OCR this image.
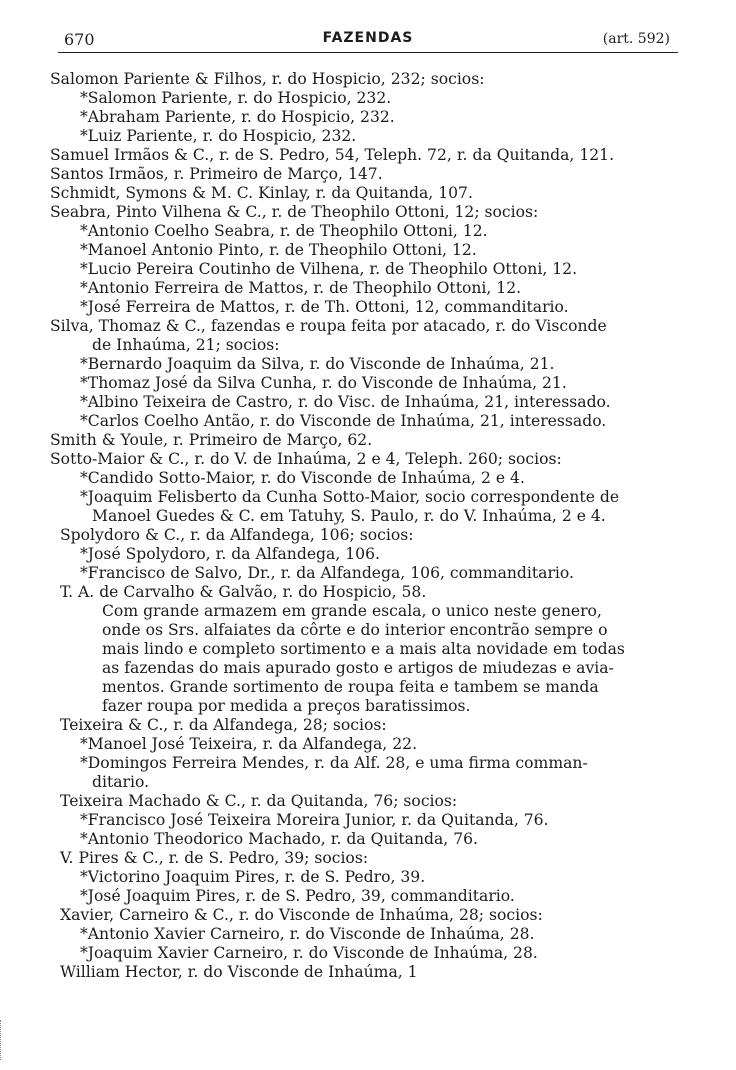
670	FAZENDAS	(art. 592)
Salomon Pariente & Filhos, r. do Hospicio, 232; socios:
*Salomon Pariente, r. do Hospicio, 232.
*Abraham Pariente, r. do Hospicio, 232.
*Luiz Pariente, r. do Hospicio, 232.
Samuel Irmãos & C., r. de S. Pedro, 54, Teleph. 72, r. da Quitanda, 121.
Santos Irmãos, r. Primeiro de Março, 147.
Schmidt, Symons & M. C. Kinlay, r. da Quitanda, 107.
Seabra, Pinto Vilhena & C., r. de Theophilo Ottoni, 12; socios:
*Antonio Coelho Seabra, r. de Theophilo Ottoni, 12.
*Manoel Antonio Pinto, r. de Theophilo Ottoni, 12.
*Lucio Pereira Coutinho de Vilhena, r. de Theophilo Ottoni, 12.
*Antonio Ferreira de Mattos, r. de Theophilo Ottoni, 12.
*José Ferreira de Mattos, r. de Th. Ottoni, 12, commanditario.
Silva, Thomaz & C., fazendas e roupa feita por atacado, r. do Visconde
de Inhaúma, 21; socios:
*Bernardo Joaquim da Silva, r. do Visconde de Inhaúma, 21.
*Thomaz José da Silva Cunha, r. do Visconde de Inhaúma, 21.
*Albino Teixeira de Castro, r. do Visc. de Inhaúma, 21, interessado.
*Carlos Coelho Antão, r. do Visconde de Inhaúma, 21, interessado.
Smith & Youle, r. Primeiro de Março, 62.
Sotto-Maior & C., r. do V. de Inhaúma, 2 e 4, Teleph. 260; socios:
*Candido Sotto-Maior, r. do Visconde de Inhaúma, 2 e 4.
*Joaquim Felisberto da Cunha Sotto-Maior, socio correspondente de
Manoel Guedes & C. em Tatuhy, S. Paulo, r. do V. Inhaúma, 2 e 4.
Spolydoro & C., r. da Alfandega, 106; socios:
*José Spolydoro, r. da Alfandega, 106.
*Francisco de Salvo, Dr., r. da Alfandega, 106, commanditario.
T. A. de Carvalho & Galvão, r. do Hospicio, 58.
Com grande armazem em grande escala, o unico neste genero,
onde os Srs. alfaiates da côrte e do interior encontrão sempre o
mais lindo e completo sortimento e a mais alta novidade em todas
as fazendas do mais apurado gosto e artigos de miudezas e avia-
mentos. Grande sortimento de roupa feita e tambem se manda
fazer roupa por medida a preços baratissimos.
Teixeira & C., r. da Alfandega, 28; socios:
*Manoel José Teixeira, r. da Alfandega, 22.
*Domingos Ferreira Mendes, r. da Alf. 28, e uma firma comman-
ditario.
Teixeira Machado & C., r. da Quitanda, 76; socios:
*Francisco José Teixeira Moreira Junior, r. da Quitanda, 76.
*Antonio Theodorico Machado, r. da Quitanda, 76.
V. Pires & C., r. de S. Pedro, 39; socios:
*Victorino Joaquim Pires, r. de S. Pedro, 39.
*José Joaquim Pires, r. de S. Pedro, 39, commanditario.
Xavier, Carneiro & C., r. do Visconde de Inhaúma, 28; socios:
*Antonio Xavier Carneiro, r. do Visconde de Inhaúma, 28.
*Joaquim Xavier Carneiro, r. do Visconde de Inhaúma, 28.
William Hector, r. do Visconde de Inhaúma, 1
